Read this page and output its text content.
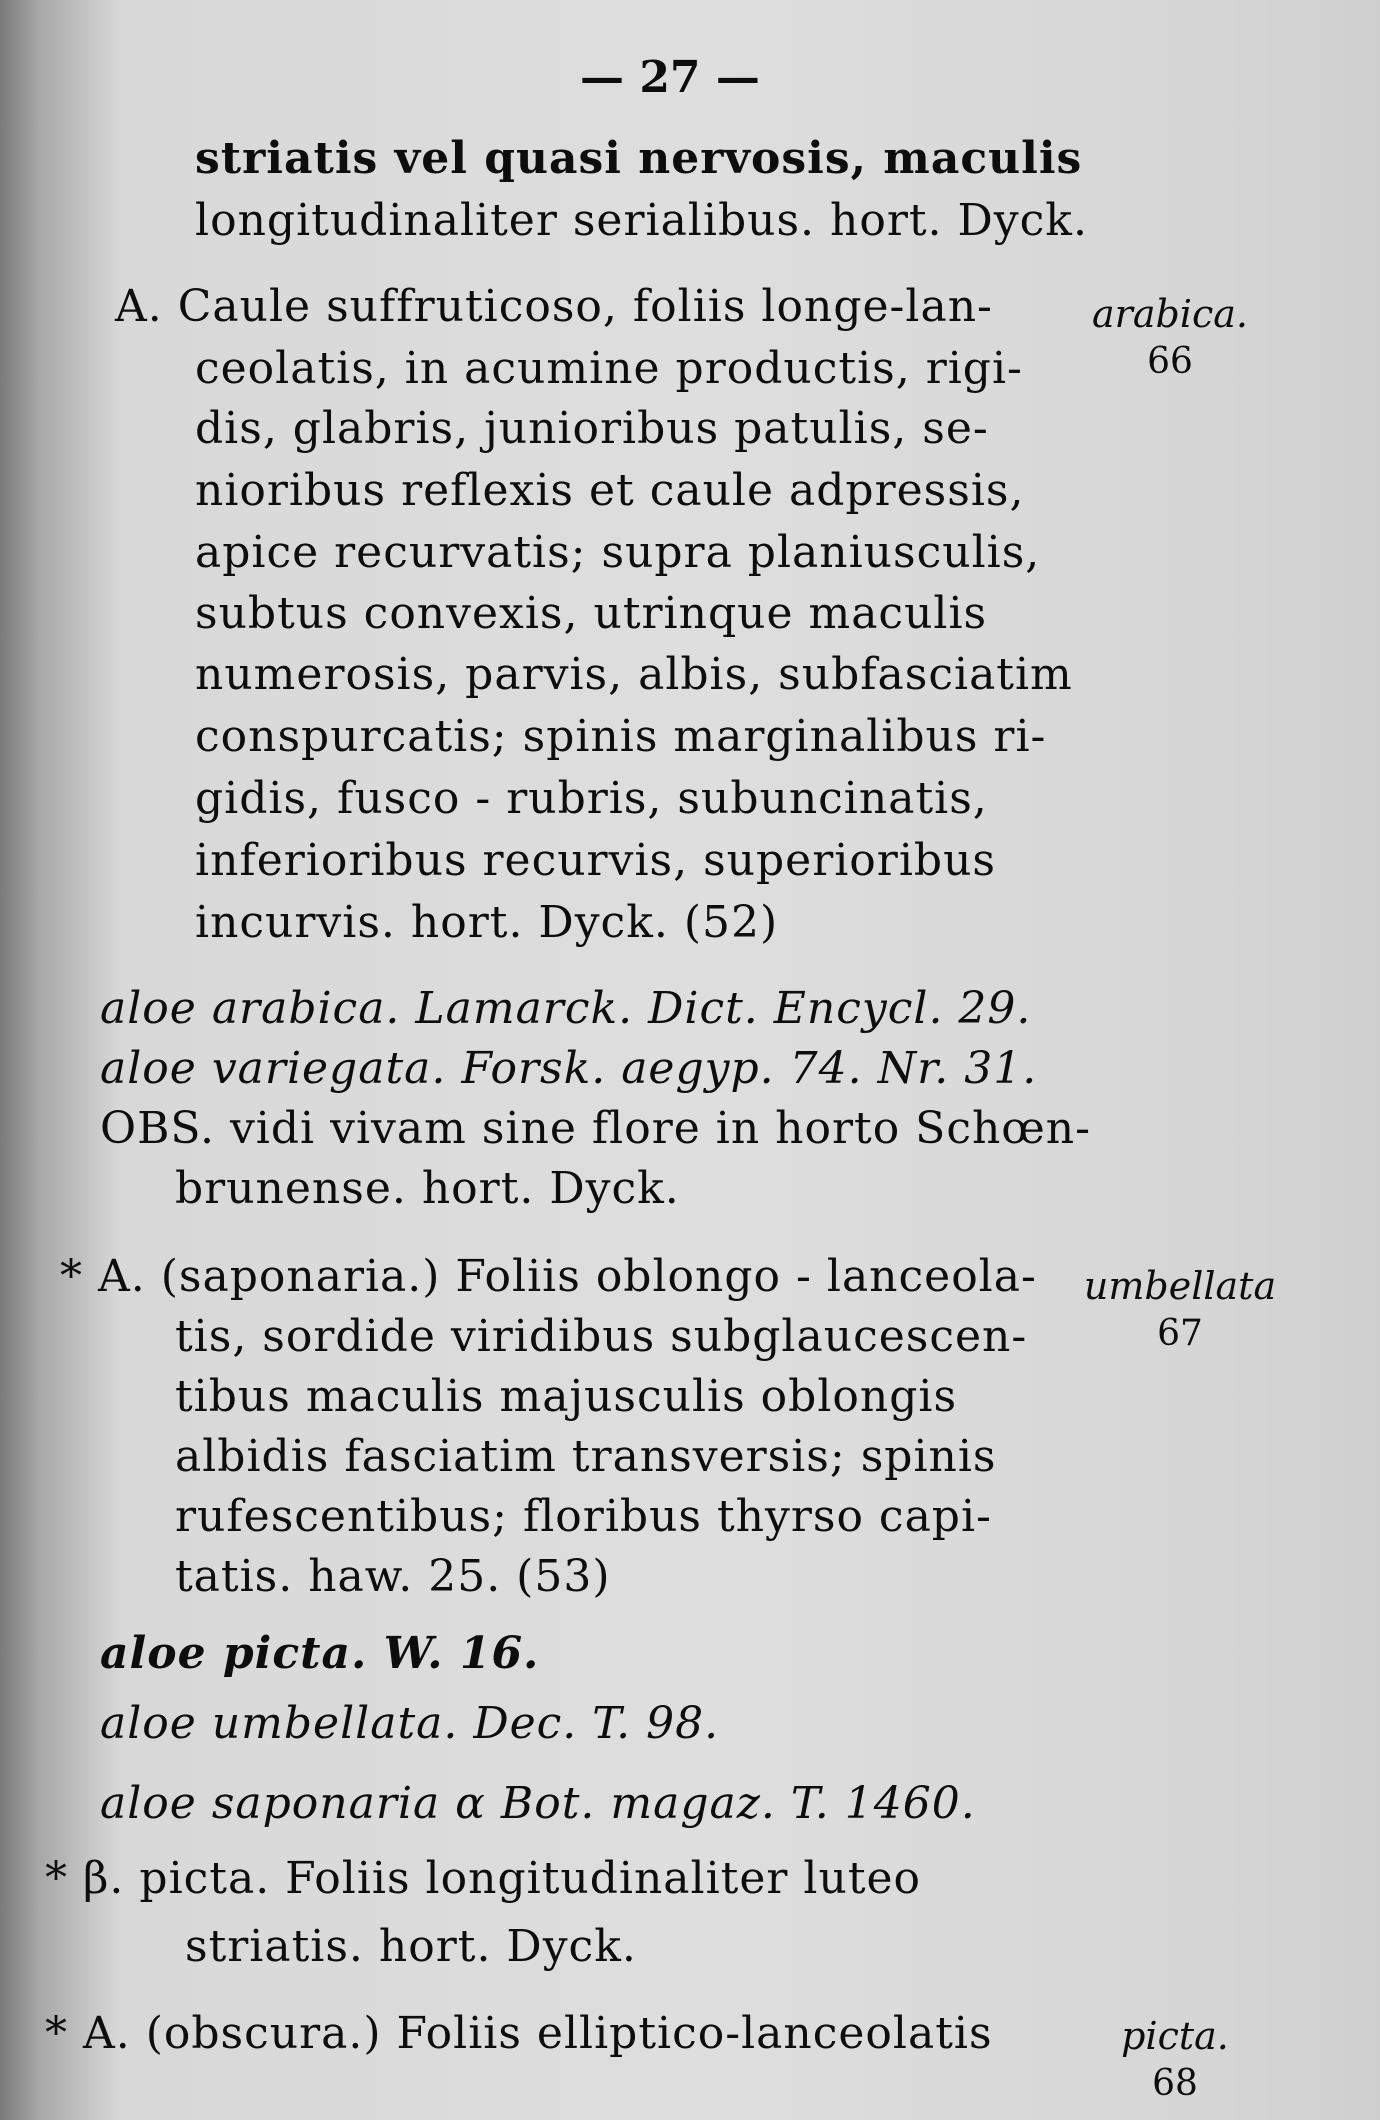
— 27 —
striatis vel quasi nervosis, maculis
longitudinaliter serialibus. hort. Dyck.
A. Caule suffruticoso, foliis longe-lan-
ceolatis, in acumine productis, rigi-
dis, glabris, junioribus patulis, se-
nioribus reflexis et caule adpressis,
apice recurvatis; supra planiusculis,
subtus convexis, utrinque maculis
numerosis, parvis, albis, subfasciatim
conspurcatis; spinis marginalibus ri-
gidis, fusco - rubris, subuncinatis,
inferioribus recurvis, superioribus
incurvis. hort. Dyck. (52)
aloe arabica. Lamarck. Dict. Encycl. 29.
aloe variegata. Forsk. aegyp. 74. Nr. 31.
OBS. vidi vivam sine flore in horto Schœn-
brunense. hort. Dyck.
* A. (saponaria.) Foliis oblongo - lanceola-
tis, sordide viridibus subglaucescen-
tibus maculis majusculis oblongis
albidis fasciatim transversis; spinis
rufescentibus; floribus thyrso capi-
tatis. haw. 25. (53)
aloe picta. W. 16.
aloe umbellata. Dec. T. 98.
aloe saponaria α Bot. magaz. T. 1460.
* β. picta. Foliis longitudinaliter luteo
striatis. hort. Dyck.
* A. (obscura.) Foliis elliptico-lanceolatis
arabica.
66
umbellata
67
picta.
68
